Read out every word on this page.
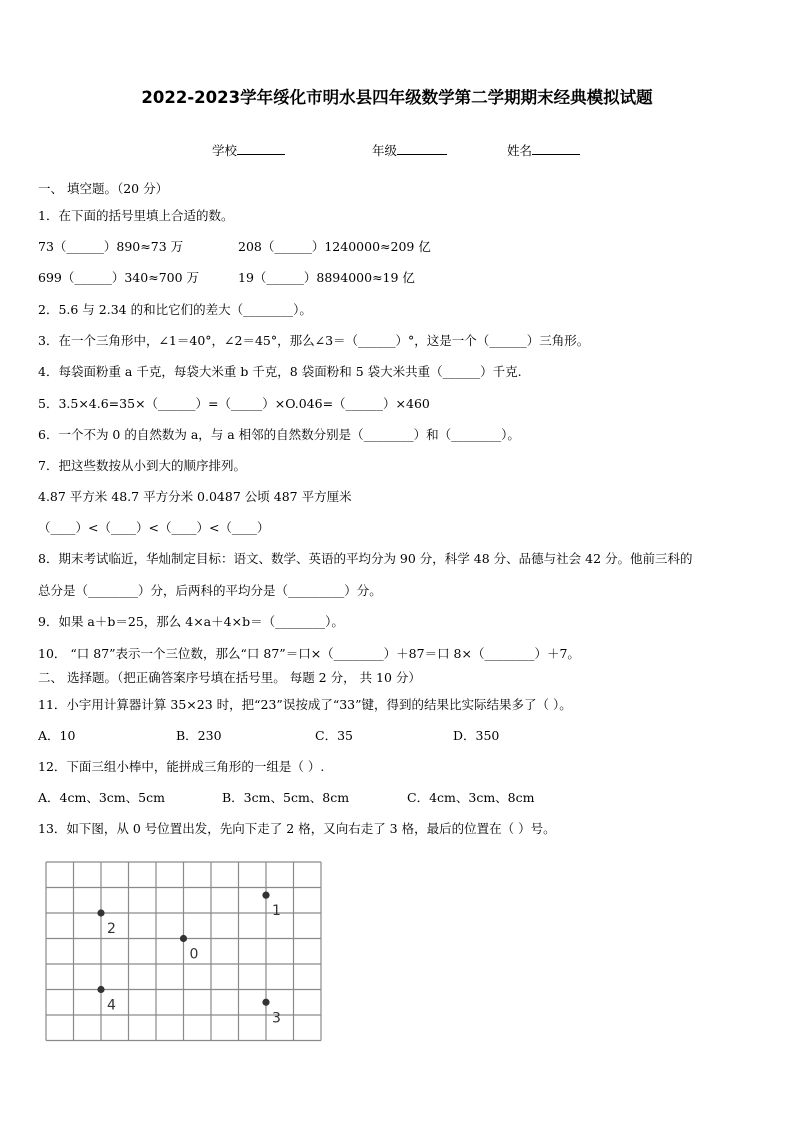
2022-2023学年绥化市明水县四年级数学第二学期期末经典模拟试题
学校	年级	姓名
一、 填空题。（20 分）
1．在下面的括号里填上合适的数。
73（______）890≈73 万	208（______）1240000≈209 亿
699（______）340≈700 万	19（______）8894000≈19 亿
2．5.6 与 2.34 的和比它们的差大（________）。
3．在一个三角形中，∠1＝40°，∠2＝45°，那么∠3＝（______）°，这是一个（______）三角形。
4．每袋面粉重 a 千克，每袋大米重 b 千克，8 袋面粉和 5 袋大米共重（______）千克.
5．3.5×4.6=35×（______）=（_____）×O.046=（______）×460
6．一个不为 0 的自然数为 a，与 a 相邻的自然数分别是（________）和（________）。
7．把这些数按从小到大的顺序排列。
4.87 平方米 48.7 平方分米 0.0487 公顷 487 平方厘米
（____）<（____）<（____）<（____）
8．期末考试临近，华灿制定目标：语文、数学、英语的平均分为 90 分，科学 48 分、品德与社会 42 分。他前三科的
总分是（________）分，后两科的平均分是（_________）分。
9．如果 a＋b＝25，那么 4×a＋4×b＝（________）。
10． “口 87”表示一个三位数，那么“口 87”＝口×（________）＋87＝口 8×（________）＋7。
二、 选择题。（把正确答案序号填在括号里。 每题 2 分， 共 10 分）
11．小宇用计算器计算 35×23 时，把“23”误按成了“33”键，得到的结果比实际结果多了（ ）。
A．10	B．230	C．35	D．350
12．下面三组小棒中，能拼成三角形的一组是（ ）.
A．4cm、3cm、5cm	B．3cm、5cm、8cm	C．4cm、3cm、8cm
13．如下图，从 0 号位置出发，先向下走了 2 格，又向右走了 3 格，最后的位置在（ ）号。
0
1
2
3
4
